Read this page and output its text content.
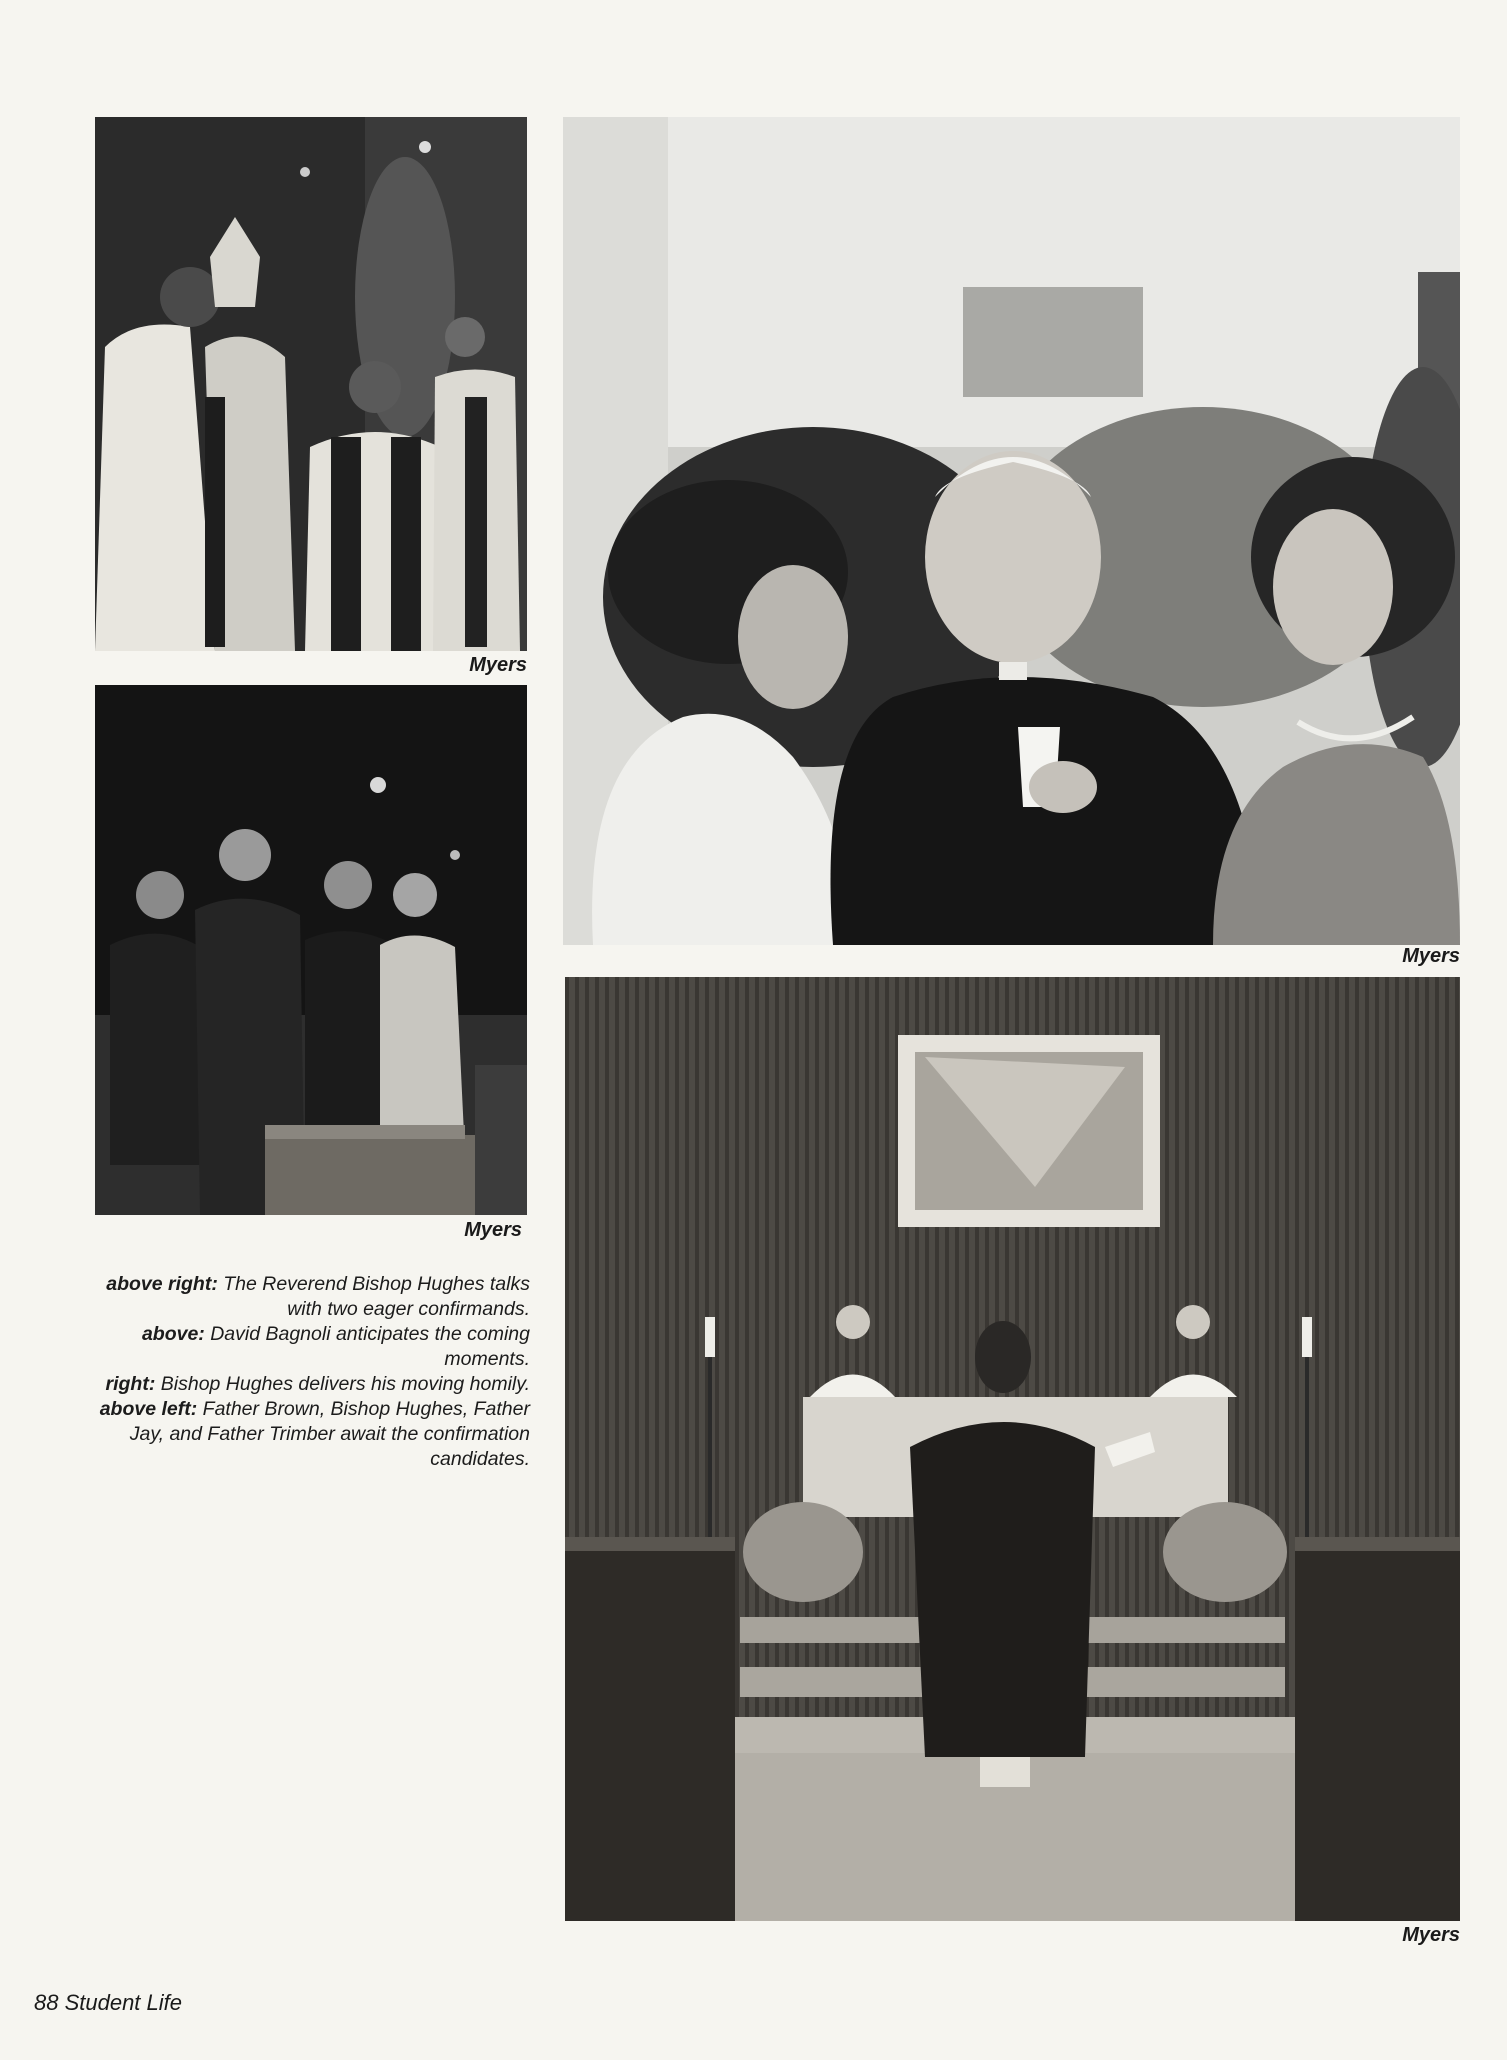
Myers
Myers
Myers
Myers

above right: The Reverend Bishop Hughes talks with two eager confirmands.

above: David Bagnoli anticipates the coming moments.

right: Bishop Hughes delivers his moving homily.

above left: Father Brown, Bishop Hughes, Father Jay, and Father Trimber await the confirmation candidates.

88 Student Life
